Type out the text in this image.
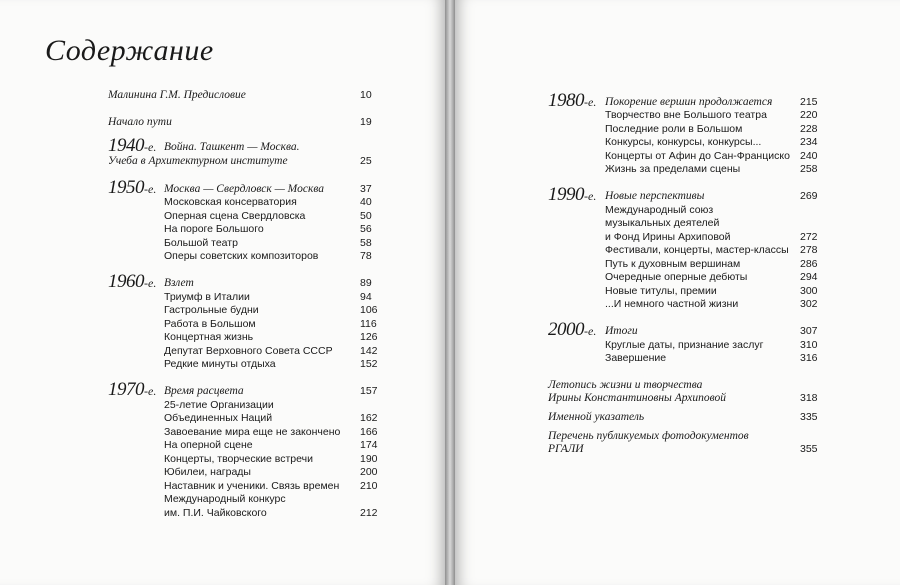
Содержание
Малинина Г.М. Предисловие	10
Начало пути	19
1940-е. Война. Ташкент — Москва.
Учеба в Архитектурном институте	25
1950-е. Москва — Свердловск — Москва	37
Московская консерватория	40
Оперная сцена Свердловска	50
На пороге Большого	56
Большой театр	58
Оперы советских композиторов	78
1960-е. Взлет	89
Триумф в Италии	94
Гастрольные будни	106
Работа в Большом	116
Концертная жизнь	126
Депутат Верховного Совета СССР	142
Редкие минуты отдыха	152
1970-е. Время расцвета	157
25-летие Организации
Объединенных Наций	162
Завоевание мира еще не закончено 166
На оперной сцене	174
Концерты, творческие встречи	190
Юбилеи, награды	200
Наставник и ученики. Связь времен 210
Международный конкурс
им. П.И. Чайковского	212
1980-е. Покорение вершин продолжается	215
Творчество вне Большого театра	220
Последние роли в Большом	228
Конкурсы, конкурсы, конкурсы...	234
Концерты от Афин до Сан-Франциско 240
Жизнь за пределами сцены	258
1990-е. Новые перспективы	269
Международный союз
музыкальных деятелей
и Фонд Ирины Архиповой	272
Фестивали, концерты, мастер-классы 278
Путь к духовным вершинам	286
Очередные оперные дебюты	294
Новые титулы, премии	300
...И немного частной жизни	302
2000-е. Итоги	307
Круглые даты, признание заслуг	310
Завершение	316
Летопись жизни и творчества
Ирины Константиновны Архиповой	318
Именной указатель	335
Перечень публикуемых фотодокументов
РГАЛИ	355
